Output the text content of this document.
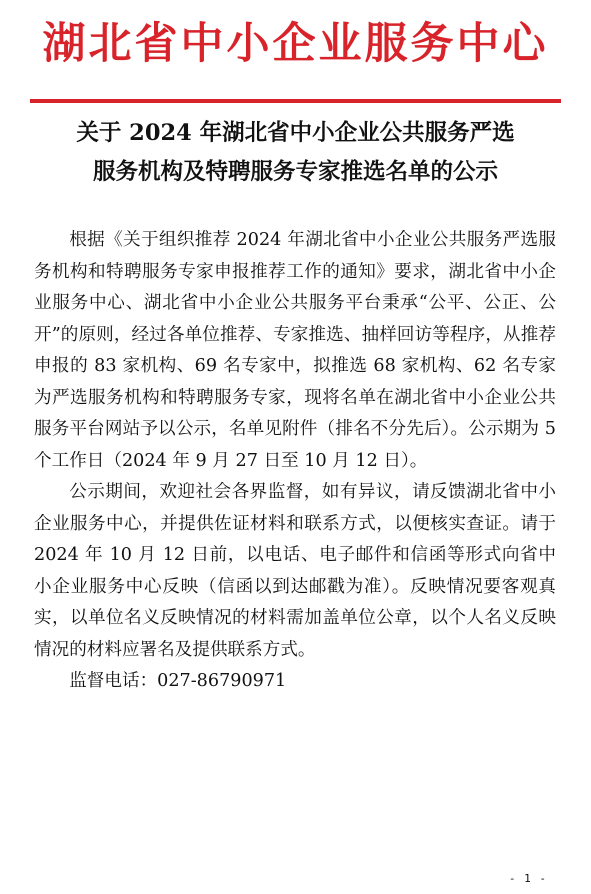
湖北省中小企业服务中心
关于 2024 年湖北省中小企业公共服务严选
服务机构及特聘服务专家推选名单的公示

根据《关于组织推荐 2024 年湖北省中小企业公共服务严选服务机构和特聘服务专家申报推荐工作的通知》要求，湖北省中小企业服务中心、湖北省中小企业公共服务平台秉承“公平、公正、公开”的原则，经过各单位推荐、专家推选、抽样回访等程序，从推荐申报的 83 家机构、69 名专家中，拟推选 68 家机构、62 名专家为严选服务机构和特聘服务专家，现将名单在湖北省中小企业公共服务平台网站予以公示，名单见附件（排名不分先后）。公示期为 5 个工作日（2024 年 9 月 27 日至 10 月 12 日）。

公示期间，欢迎社会各界监督，如有异议，请反馈湖北省中小企业服务中心，并提供佐证材料和联系方式，以便核实查证。请于 2024 年 10 月 12 日前，以电话、电子邮件和信函等形式向省中小企业服务中心反映（信函以到达邮戳为准）。反映情况要客观真实，以单位名义反映情况的材料需加盖单位公章，以个人名义反映情况的材料应署名及提供联系方式。

监督电话：027-86790971

- 1 -
